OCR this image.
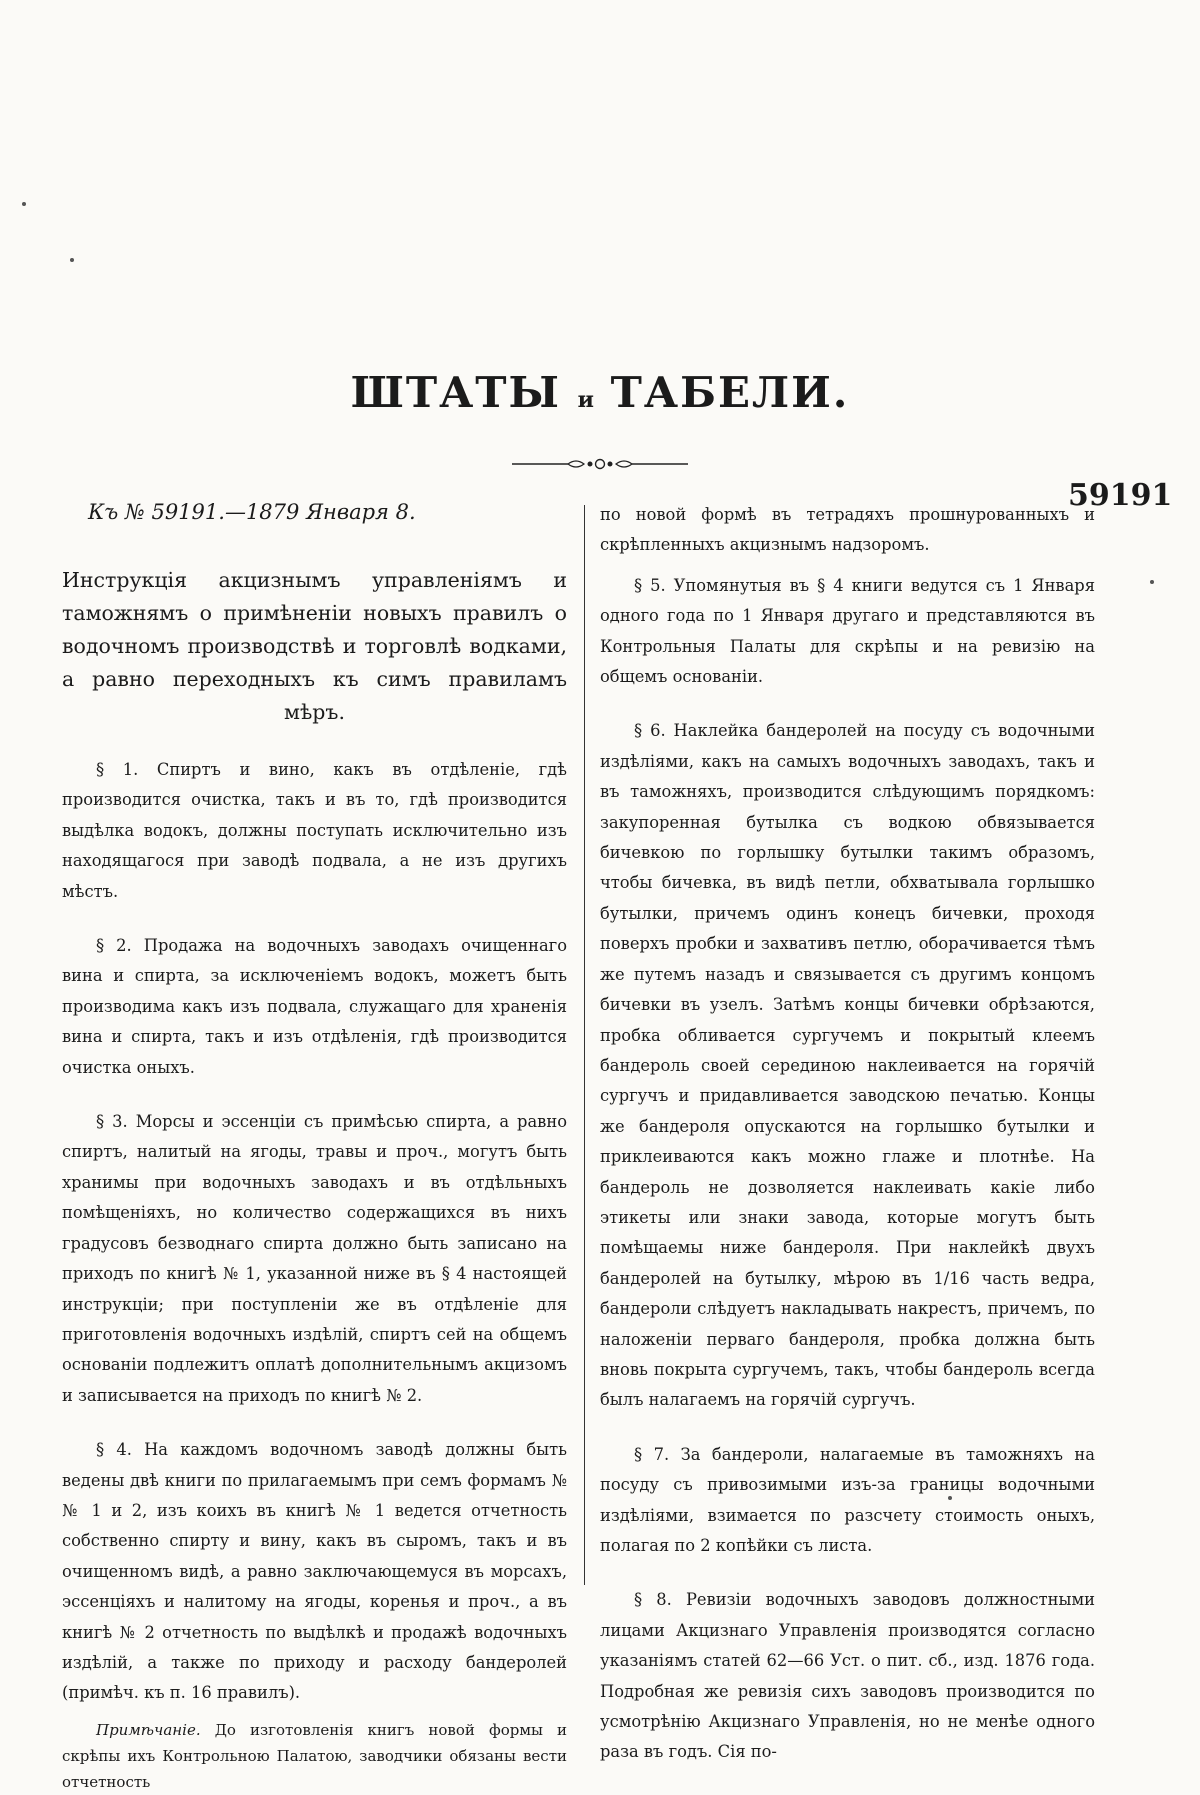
ШТАТЫ и ТАБЕЛИ.
59191

Къ № 59191.—1879 Января 8.

Инструкція акцизнымъ управленіямъ и таможнямъ о примѣненіи новыхъ правилъ о водочномъ производствѣ и торговлѣ водками, а равно переходныхъ къ симъ правиламъ мѣръ.

§ 1. Спиртъ и вино, какъ въ отдѣленіе, гдѣ производится очистка, такъ и въ то, гдѣ производится выдѣлка водокъ, должны поступать исключительно изъ находящагося при заводѣ подвала, а не изъ другихъ мѣстъ.

§ 2. Продажа на водочныхъ заводахъ очищеннаго вина и спирта, за исключеніемъ водокъ, можетъ быть производима какъ изъ подвала, служащаго для храненія вина и спирта, такъ и изъ отдѣленія, гдѣ производится очистка оныхъ.

§ 3. Морсы и эссенціи съ примѣсью спирта, а равно спиртъ, налитый на ягоды, травы и проч., могутъ быть хранимы при водочныхъ заводахъ и въ отдѣльныхъ помѣщеніяхъ, но количество содержащихся въ нихъ градусовъ безводнаго спирта должно быть записано на приходъ по книгѣ № 1, указанной ниже въ § 4 настоящей инструкціи; при поступленіи же въ отдѣленіе для приготовленія водочныхъ издѣлій, спиртъ сей на общемъ основаніи подлежитъ оплатѣ дополнительнымъ акцизомъ и записывается на приходъ по книгѣ № 2.

§ 4. На каждомъ водочномъ заводѣ должны быть ведены двѣ книги по прилагаемымъ при семъ формамъ №№ 1 и 2, изъ коихъ въ книгѣ № 1 ведется отчетность собственно спирту и вину, какъ въ сыромъ, такъ и въ очищенномъ видѣ, а равно заключающемуся въ морсахъ, эссенціяхъ и налитому на ягоды, коренья и проч., а въ книгѣ № 2 отчетность по выдѣлкѣ и продажѣ водочныхъ издѣлій, а также по приходу и расходу бандеролей (примѣч. къ п. 16 правилъ).

Примѣчаніе. До изготовленія книгъ новой формы и скрѣпы ихъ Контрольною Палатою, заводчики обязаны вести отчетность

по новой формѣ въ тетрадяхъ прошнурованныхъ и скрѣпленныхъ акцизнымъ надзоромъ.

§ 5. Упомянутыя въ § 4 книги ведутся съ 1 Января одного года по 1 Января другаго и представляются въ Контрольныя Палаты для скрѣпы и на ревизію на общемъ основаніи.

§ 6. Наклейка бандеролей на посуду съ водочными издѣліями, какъ на самыхъ водочныхъ заводахъ, такъ и въ таможняхъ, производится слѣдующимъ порядкомъ: закупоренная бутылка съ водкою обвязывается бичевкою по горлышку бутылки такимъ образомъ, чтобы бичевка, въ видѣ петли, обхватывала горлышко бутылки, причемъ одинъ конецъ бичевки, проходя поверхъ пробки и захвативъ петлю, оборачивается тѣмъ же путемъ назадъ и связывается съ другимъ концомъ бичевки въ узелъ. Затѣмъ концы бичевки обрѣзаются, пробка обливается сургучемъ и покрытый клеемъ бандероль своей серединою наклеивается на горячій сургучъ и придавливается заводскою печатью. Концы же бандероля опускаются на горлышко бутылки и приклеиваются какъ можно глаже и плотнѣе. На бандероль не дозволяется наклеивать какіе либо этикеты или знаки завода, которые могутъ быть помѣщаемы ниже бандероля. При наклейкѣ двухъ бандеролей на бутылку, мѣрою въ 1/16 часть ведра, бандероли слѣдуетъ накладывать накрестъ, причемъ, по наложеніи перваго бандероля, пробка должна быть вновь покрыта сургучемъ, такъ, чтобы бандероль всегда былъ налагаемъ на горячій сургучъ.

§ 7. За бандероли, налагаемые въ таможняхъ на посуду съ привозимыми изъ-за границы водочными издѣліями, взимается по разсчету стоимость оныхъ, полагая по 2 копѣйки съ листа.

§ 8. Ревизіи водочныхъ заводовъ должностными лицами Акцизнаго Управленія производятся согласно указаніямъ статей 62—66 Уст. о пит. сб., изд. 1876 года. Подробная же ревизія сихъ заводовъ производится по усмотрѣнію Акцизнаго Управленія, но не менѣе одного раза въ годъ. Сія по-
